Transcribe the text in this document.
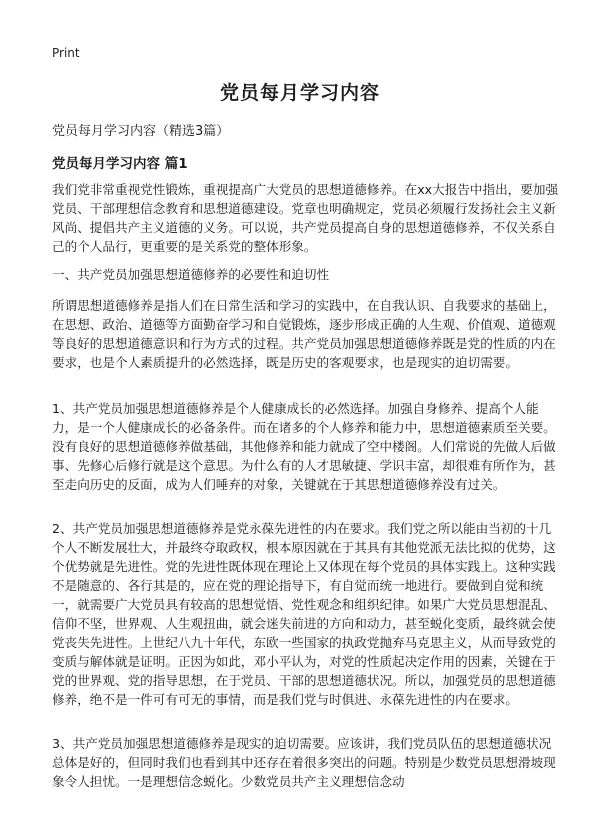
Print
党员每月学习内容

党员每月学习内容（精选3篇）

党员每月学习内容 篇1

我们党非常重视党性锻炼，重视提高广大党员的思想道德修养。在xx大报告中指出，要加强党员、干部理想信念教育和思想道德建设。党章也明确规定，党员必须履行发扬社会主义新风尚、提倡共产主义道德的义务。可以说，共产党员提高自身的思想道德修养，不仅关系自己的个人品行，更重要的是关系党的整体形象。

一、共产党员加强思想道德修养的必要性和迫切性

所谓思想道德修养是指人们在日常生活和学习的实践中，在自我认识、自我要求的基础上，在思想、政治、道德等方面勤奋学习和自觉锻炼，逐步形成正确的人生观、价值观、道德观等良好的思想道德意识和行为方式的过程。共产党员加强思想道德修养既是党的性质的内在要求，也是个人素质提升的必然选择，既是历史的客观要求，也是现实的迫切需要。

1、共产党员加强思想道德修养是个人健康成长的必然选择。加强自身修养、提高个人能力，是一个人健康成长的必备条件。而在诸多的个人修养和能力中，思想道德素质至关要。没有良好的思想道德修养做基础，其他修养和能力就成了空中楼阁。人们常说的先做人后做事、先修心后修行就是这个意思。为什么有的人才思敏捷、学识丰富，却很难有所作为，甚至走向历史的反面，成为人们唾弃的对象，关键就在于其思想道德修养没有过关。

2、共产党员加强思想道德修养是党永葆先进性的内在要求。我们党之所以能由当初的十几个人不断发展壮大，并最终夺取政权，根本原因就在于其具有其他党派无法比拟的优势，这个优势就是先进性。党的先进性既体现在理论上又体现在每个党员的具体实践上。这种实践不是随意的、各行其是的，应在党的理论指导下，有自觉而统一地进行。要做到自觉和统一，就需要广大党员具有较高的思想觉悟、党性观念和组织纪律。如果广大党员思想混乱、信仰不坚，世界观、人生观扭曲，就会迷失前进的方向和动力，甚至蜕化变质，最终就会使党丧失先进性。上世纪八九十年代，东欧一些国家的执政党抛弃马克思主义，从而导致党的变质与解体就是证明。正因为如此，邓小平认为，对党的性质起决定作用的因素，关键在于党的世界观、党的指导思想，在于党员、干部的思想道德状况。所以，加强党员的思想道德修养，绝不是一件可有可无的事情，而是我们党与时俱进、永葆先进性的内在要求。

3、共产党员加强思想道德修养是现实的迫切需要。应该讲，我们党员队伍的思想道德状况总体是好的，但同时我们也看到其中还存在着很多突出的问题。特别是少数党员思想滑坡现象令人担忧。一是理想信念蜕化。少数党员共产主义理想信念动
